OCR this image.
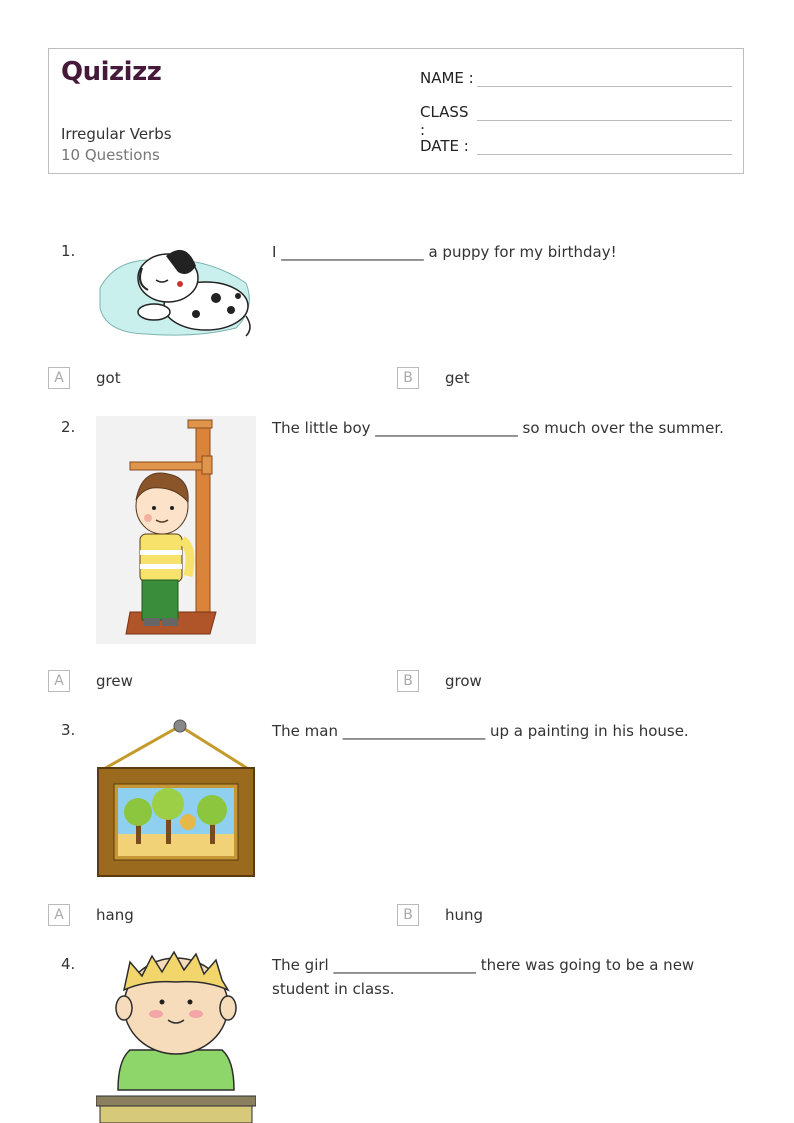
Quizizz
Irregular Verbs
10 Questions
NAME :
CLASS :
DATE :
1.	I ___________________ a puppy for my birthday!
A	got	B	get
2.	The little boy ___________________ so much over the summer.
A	grew	B	grow
3.	The man ___________________ up a painting in his house.
A	hang	B	hung
4.	The girl ___________________ there was going to be a new student in class.
